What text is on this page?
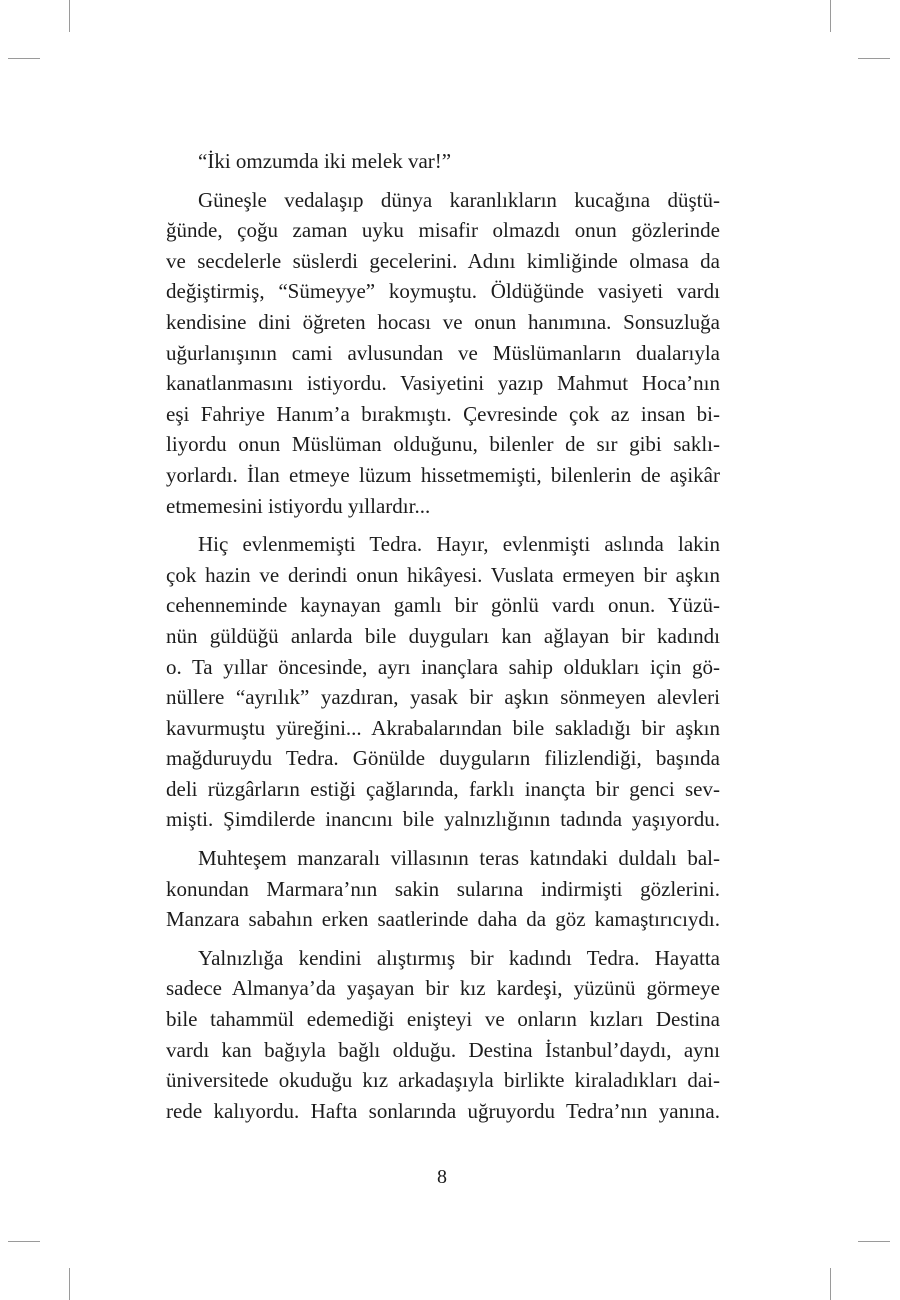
“İki omzumda iki melek var!”
Güneşle vedalaşıp dünya karanlıkların kucağına düştü-
ğünde, çoğu zaman uyku misafir olmazdı onun gözlerinde
ve secdelerle süslerdi gecelerini. Adını kimliğinde olmasa da
değiştirmiş, “Sümeyye” koymuştu. Öldüğünde vasiyeti vardı
kendisine dini öğreten hocası ve onun hanımına. Sonsuzluğa
uğurlanışının cami avlusundan ve Müslümanların dualarıyla
kanatlanmasını istiyordu. Vasiyetini yazıp Mahmut Hoca’nın
eşi Fahriye Hanım’a bırakmıştı. Çevresinde çok az insan bi-
liyordu onun Müslüman olduğunu, bilenler de sır gibi saklı-
yorlardı. İlan etmeye lüzum hissetmemişti, bilenlerin de aşikâr
etmemesini istiyordu yıllardır...
Hiç evlenmemişti Tedra. Hayır, evlenmişti aslında lakin
çok hazin ve derindi onun hikâyesi. Vuslata ermeyen bir aşkın
cehenneminde kaynayan gamlı bir gönlü vardı onun. Yüzü-
nün güldüğü anlarda bile duyguları kan ağlayan bir kadındı
o. Ta yıllar öncesinde, ayrı inançlara sahip oldukları için gö-
nüllere “ayrılık” yazdıran, yasak bir aşkın sönmeyen alevleri
kavurmuştu yüreğini... Akrabalarından bile sakladığı bir aşkın
mağduruydu Tedra. Gönülde duyguların filizlendiği, başında
deli rüzgârların estiği çağlarında, farklı inançta bir genci sev-
mişti. Şimdilerde inancını bile yalnızlığının tadında yaşıyordu.
Muhteşem manzaralı villasının teras katındaki duldalı bal-
konundan Marmara’nın sakin sularına indirmişti gözlerini.
Manzara sabahın erken saatlerinde daha da göz kamaştırıcıydı.
Yalnızlığa kendini alıştırmış bir kadındı Tedra. Hayatta
sadece Almanya’da yaşayan bir kız kardeşi, yüzünü görmeye
bile tahammül edemediği enişteyi ve onların kızları Destina
vardı kan bağıyla bağlı olduğu. Destina İstanbul’daydı, aynı
üniversitede okuduğu kız arkadaşıyla birlikte kiraladıkları dai-
rede kalıyordu. Hafta sonlarında uğruyordu Tedra’nın yanına.
8
